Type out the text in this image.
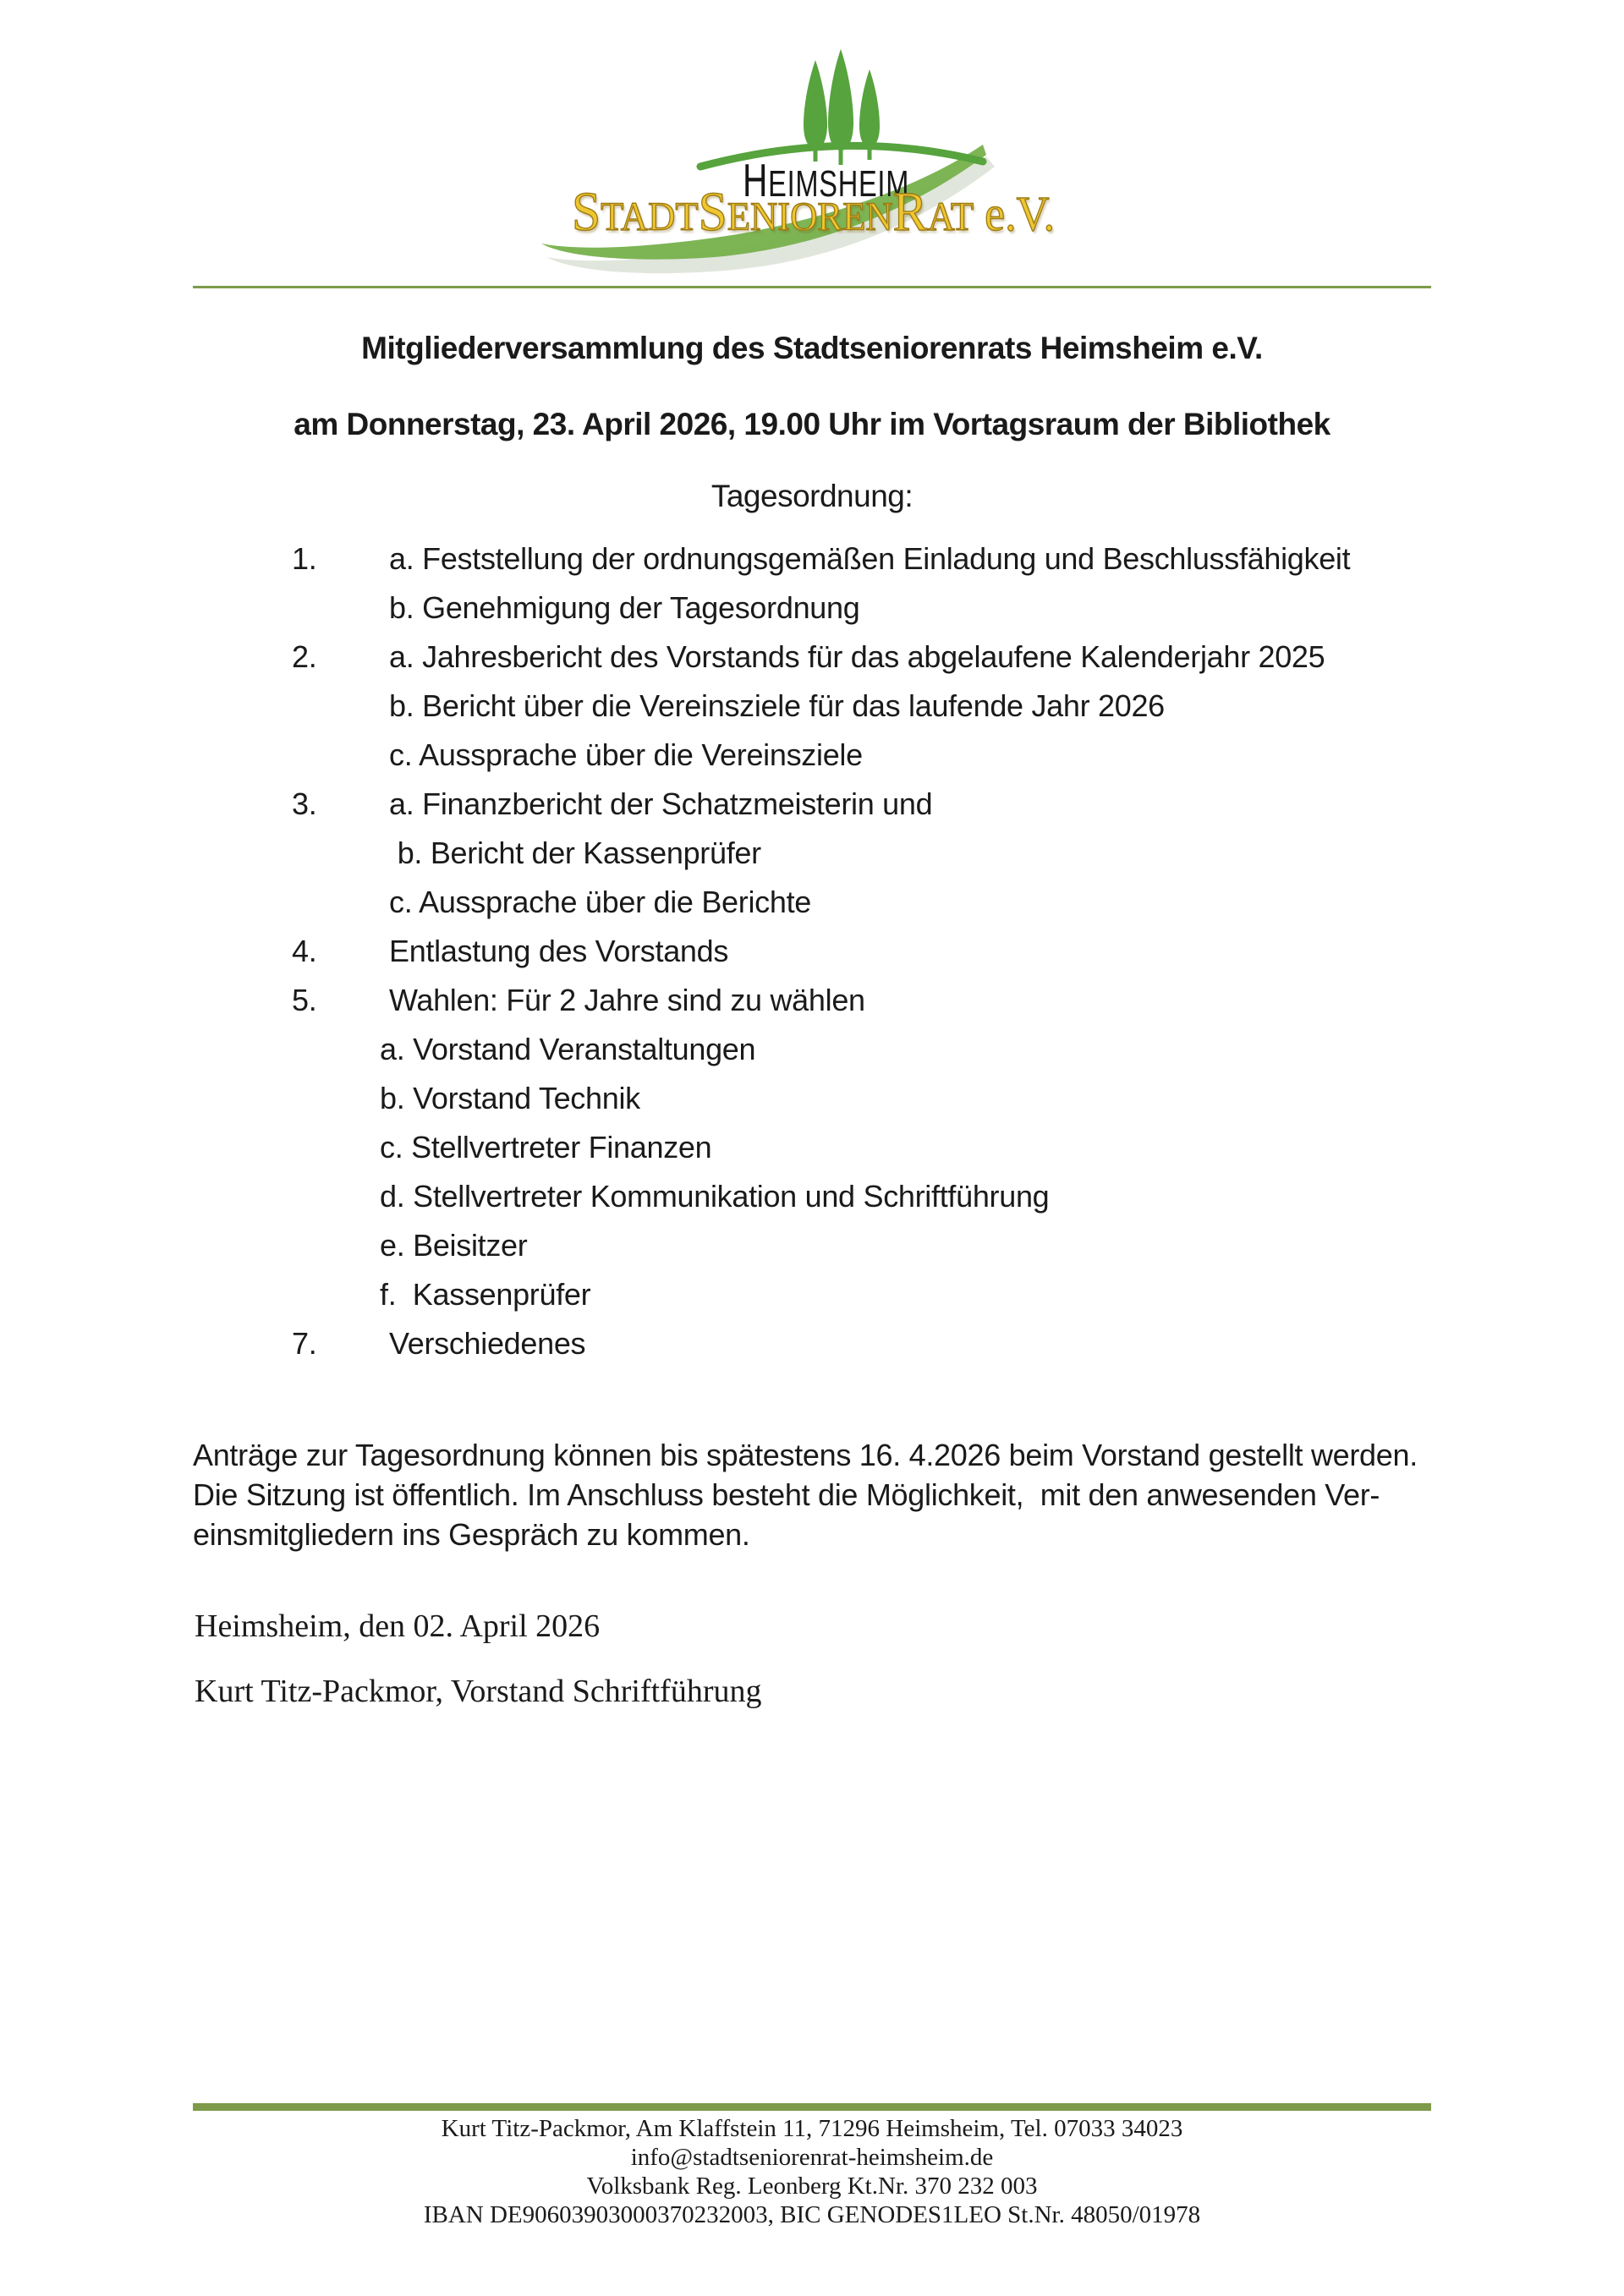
HEIMSHEIM
STADTSENIORENRAT e.V.
Mitgliederversammlung des Stadtseniorenrats Heimsheim e.V.
am Donnerstag, 23. April 2026, 19.00 Uhr im Vortagsraum der Bibliothek
Tagesordnung:
1. a. Feststellung der ordnungsgemäßen Einladung und Beschlussfähigkeit
b. Genehmigung der Tagesordnung
2. a. Jahresbericht des Vorstands für das abgelaufene Kalenderjahr 2025
b. Bericht über die Vereinsziele für das laufende Jahr 2026
c. Aussprache über die Vereinsziele
3. a. Finanzbericht der Schatzmeisterin und
b. Bericht der Kassenprüfer
c. Aussprache über die Berichte
4. Entlastung des Vorstands
5. Wahlen: Für 2 Jahre sind zu wählen
a. Vorstand Veranstaltungen
b. Vorstand Technik
c. Stellvertreter Finanzen
d. Stellvertreter Kommunikation und Schriftführung
e. Beisitzer
f.  Kassenprüfer
7. Verschiedenes
Anträge zur Tagesordnung können bis spätestens 16. 4.2026 beim Vorstand gestellt werden.
Die Sitzung ist öffentlich. Im Anschluss besteht die Möglichkeit,  mit den anwesenden Ver-
einsmitgliedern ins Gespräch zu kommen.
Heimsheim, den 02. April 2026
Kurt Titz-Packmor, Vorstand Schriftführung
Kurt Titz-Packmor, Am Klaffstein 11, 71296 Heimsheim, Tel. 07033 34023
info@stadtseniorenrat-heimsheim.de
Volksbank Reg. Leonberg Kt.Nr. 370 232 003
IBAN DE90603903000370232003, BIC GENODES1LEO St.Nr. 48050/01978
